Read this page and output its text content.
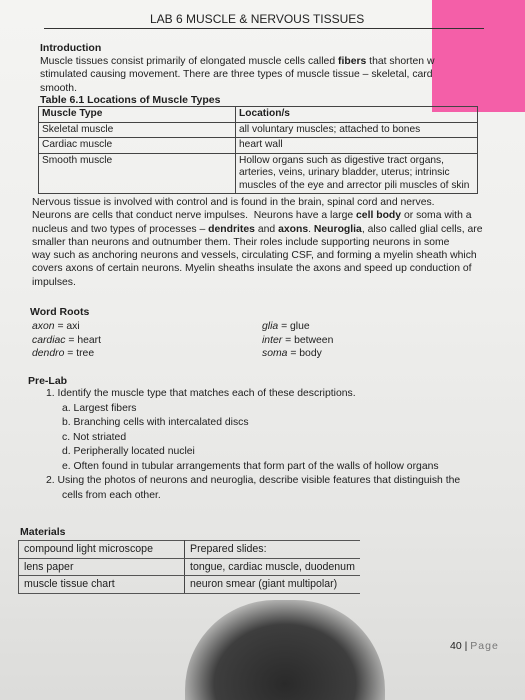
LAB 6 MUSCLE & NERVOUS TISSUES
Introduction
Muscle tissues consist primarily of elongated muscle cells called fibers that shorten w
stimulated causing movement. There are three types of muscle tissue – skeletal, card
smooth.
Table 6.1 Locations of Muscle Types
Muscle Type	Location/s
Skeletal muscle	all voluntary muscles; attached to bones
Cardiac muscle	heart wall
Smooth muscle	Hollow organs such as digestive tract organs, arteries, veins, urinary bladder, uterus; intrinsic muscles of the eye and arrector pili muscles of skin
Nervous tissue is involved with control and is found in the brain, spinal cord and nerves.
Neurons are cells that conduct nerve impulses.  Neurons have a large cell body or soma with a
nucleus and two types of processes – dendrites and axons. Neuroglia, also called glial cells, are
smaller than neurons and outnumber them. Their roles include supporting neurons in some
way such as anchoring neurons and vessels, circulating CSF, and forming a myelin sheath which
covers axons of certain neurons. Myelin sheaths insulate the axons and speed up conduction of
impulses.
Word Roots
axon = axi
cardiac = heart
dendro = tree
glia = glue
inter = between
soma = body
Pre-Lab
1. Identify the muscle type that matches each of these descriptions.
a. Largest fibers
b. Branching cells with intercalated discs
c. Not striated
d. Peripherally located nuclei
e. Often found in tubular arrangements that form part of the walls of hollow organs
2. Using the photos of neurons and neuroglia, describe visible features that distinguish the
cells from each other.
Materials
compound light microscope	Prepared slides:
lens paper	tongue, cardiac muscle, duodenum
muscle tissue chart	neuron smear (giant multipolar)
40 | Page
